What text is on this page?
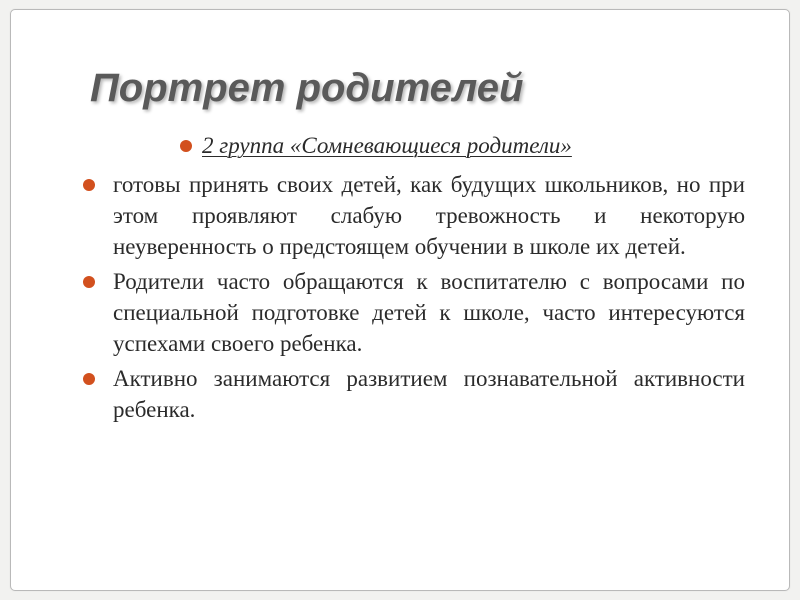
Портрет родителей
2 группа «Сомневающиеся родители»
готовы принять своих детей, как будущих школьников, но при этом проявляют слабую тревожность и некоторую неуверенность о предстоящем обучении в школе их детей.
Родители часто обращаются к воспитателю с вопросами по специальной подготовке детей к школе, часто интересуются успехами своего ребенка.
Активно занимаются развитием познавательной активности ребенка.
